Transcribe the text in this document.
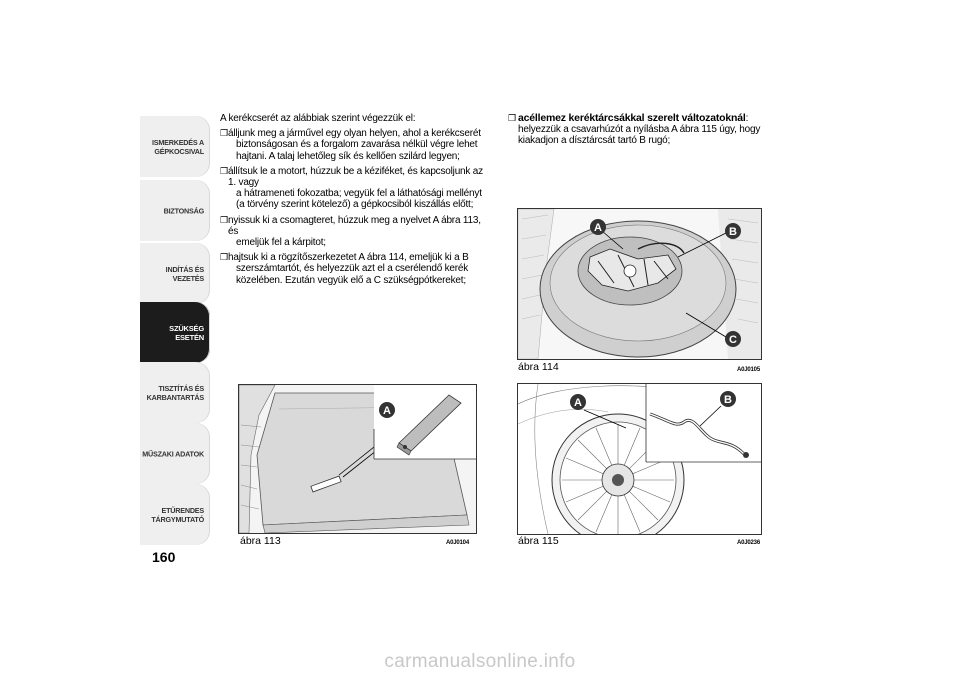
ISMERKEDÉS A
GÉPKOCSIVAL
BIZTONSÁG
INDÍTÁS ÉS VEZETÉS
SZÜKSÉG ESETÉN
TISZTÍTÁS ÉS
KARBANTARTÁS
MŰSZAKI ADATOK
ETŰRENDES
TÁRGYMUTATÓ
160

A kerékcserét az alábbiak szerint végezzük el:

❒ álljunk meg a járművel egy olyan helyen, ahol a kerékcserét
biztonságosan és a forgalom zavarása nélkül végre lehet hajtani. A talaj lehetőleg sík és kellően szilárd legyen;
❒ állítsuk le a motort, húzzuk be a kéziféket, és kapcsoljunk az 1. vagy
a hátrameneti fokozatba; vegyük fel a láthatósági mellényt (a törvény szerint kötelező) a gépkocsiból kiszállás előtt;
❒ nyissuk ki a csomagteret, húzzuk meg a nyelvet A ábra 113, és
emeljük fel a kárpitot;
❒ hajtsuk ki a rögzítőszerkezetet A ábra 114, emeljük ki a B
szerszámtartót, és helyezzük azt el a cserélendő kerék közelében. Ezután vegyük elő a C szükségpótkereket;
❒ acéllemez keréktárcsákkal szerelt változatoknál:

helyezzük a csavarhúzót a nyílásba A ábra 115 úgy, hogy kiakadjon a dísztárcsát tartó B rugó;

A
ábra 113	A0J0104
A	B
C
ábra 114	A0J0105
A	B
ábra 115	A0J0236
carmanualsonline.info
